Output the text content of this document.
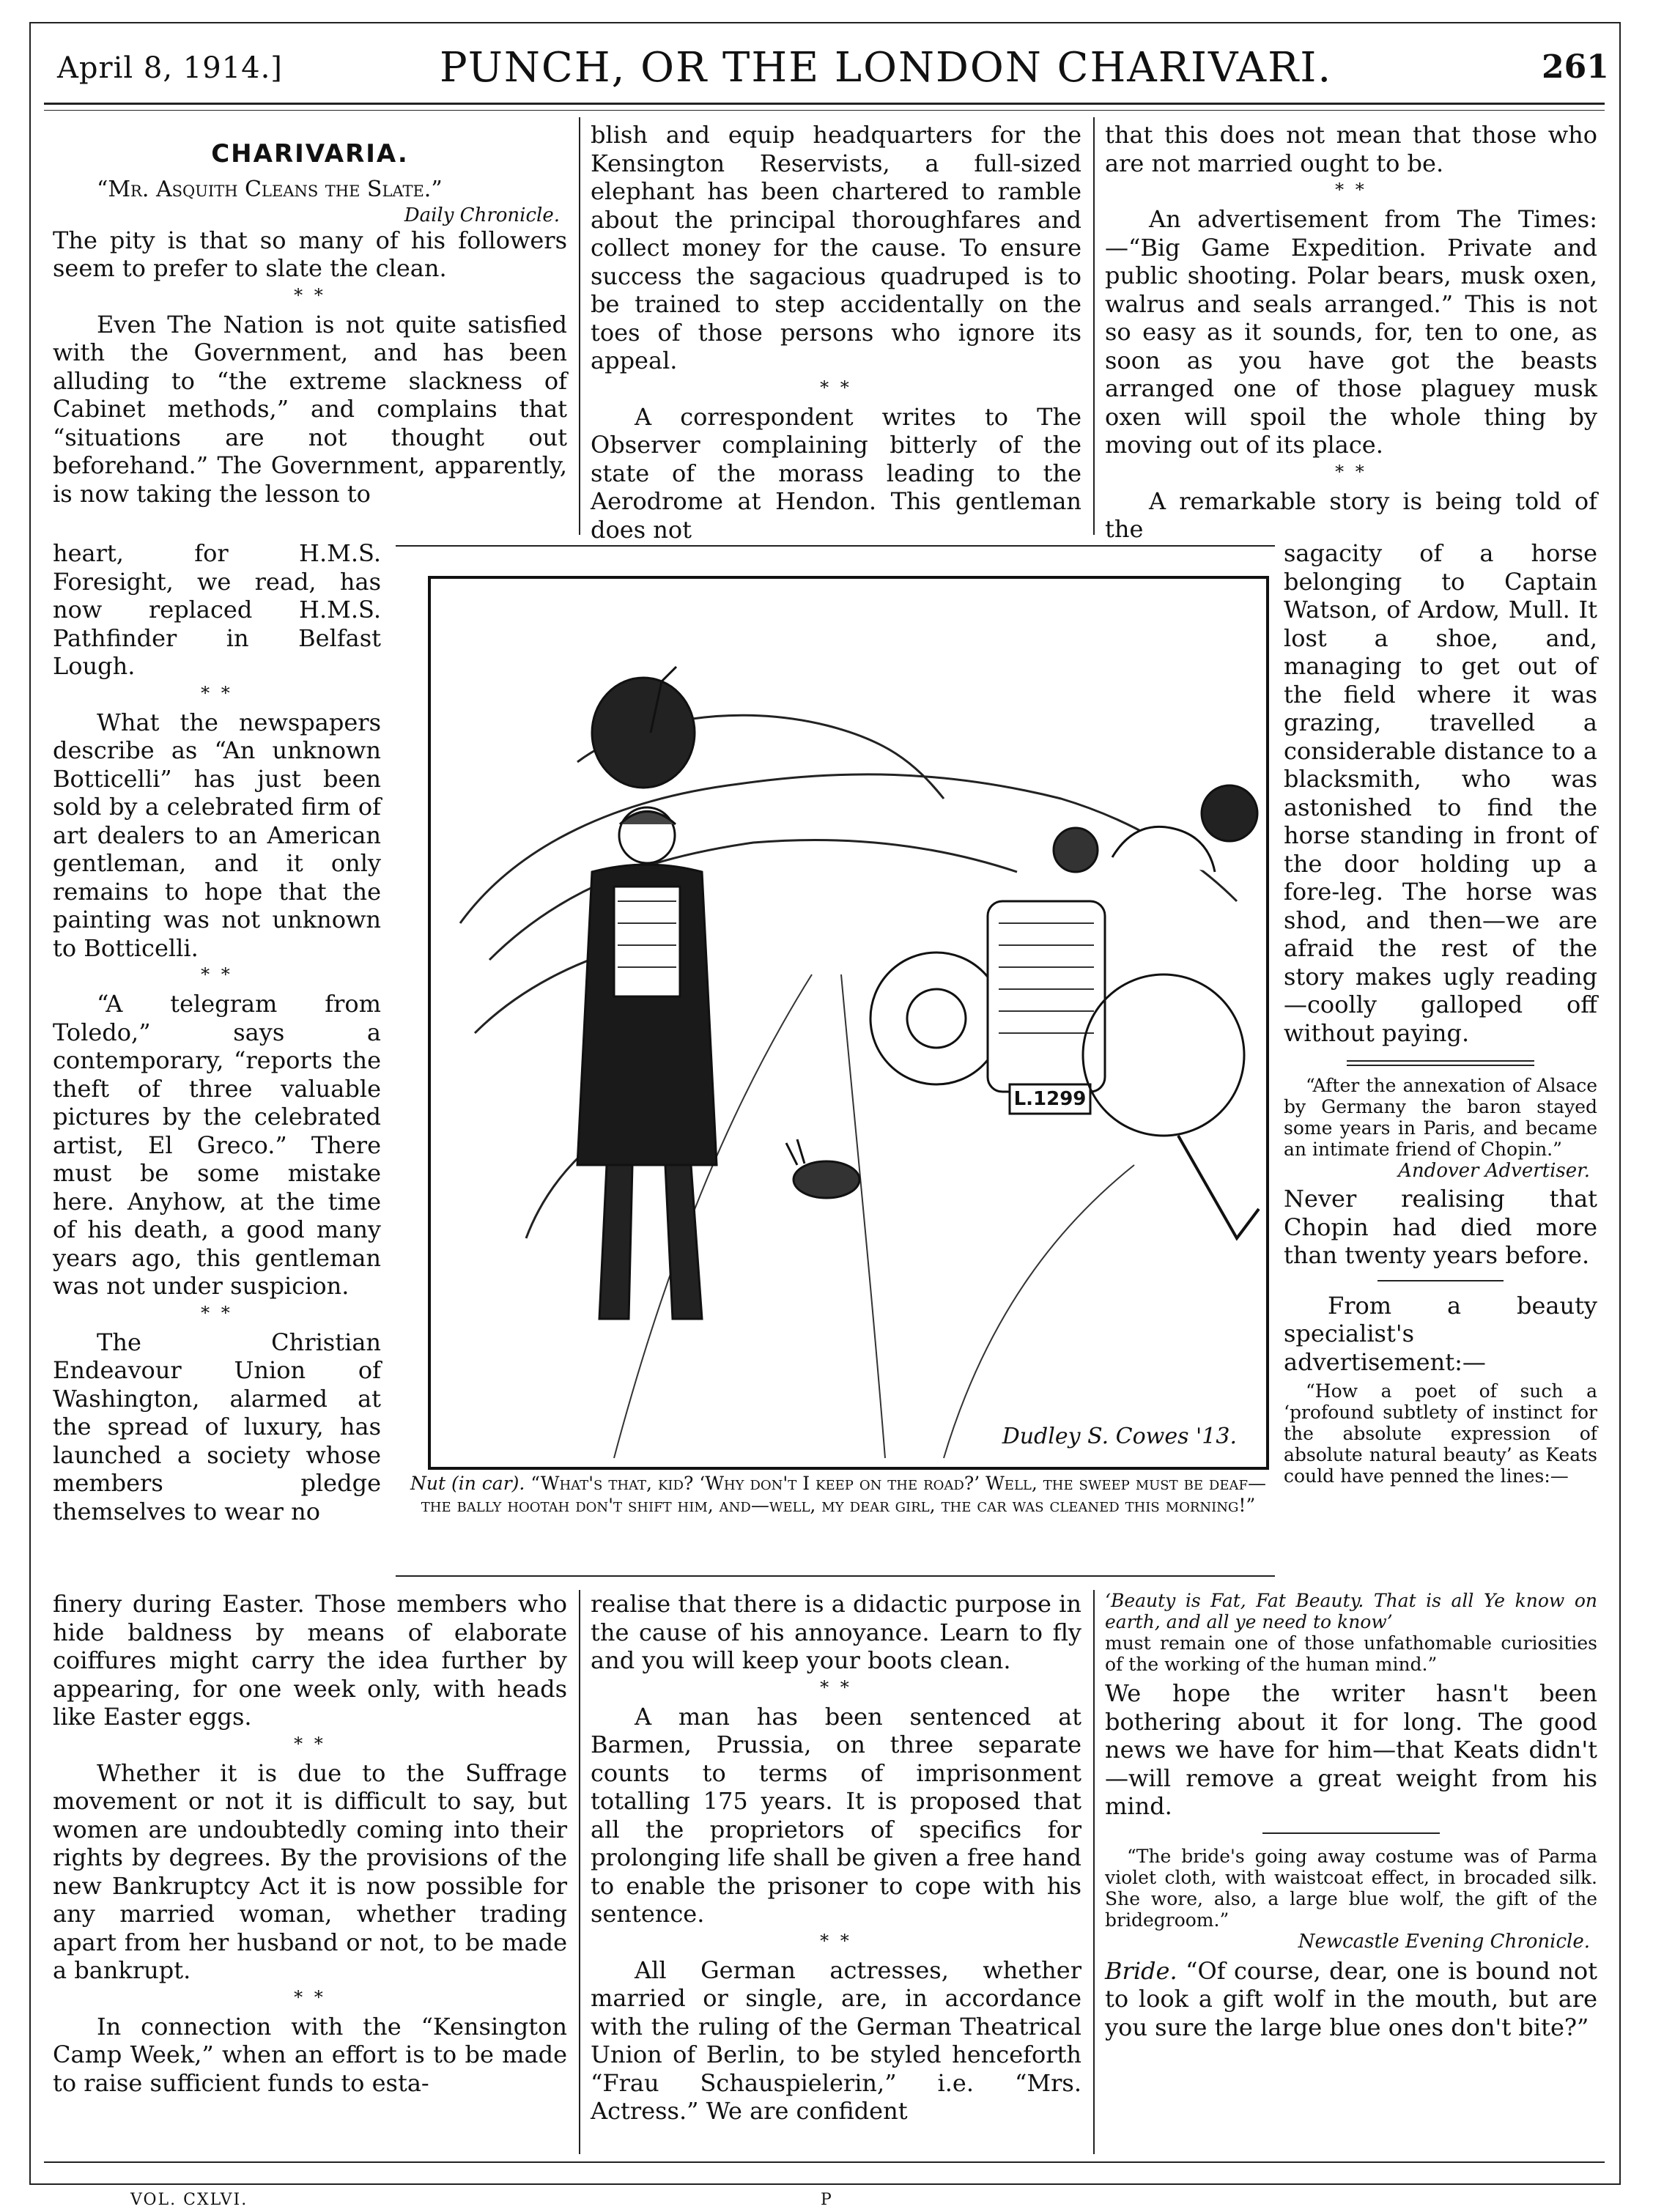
April 8, 1914.]	PUNCH, OR THE LONDON CHARIVARI.	261
CHARIVARIA.

“Mr. Asquith Cleans the Slate.”

Daily Chronicle.

The pity is that so many of his followers seem to prefer to slate the clean.

* *

Even The Nation is not quite satisfied with the Government, and has been alluding to “the extreme slackness of Cabinet methods,” and complains that “situations are not thought out beforehand.” The Government, apparently, is now taking the lesson to

heart, for H.M.S. Foresight, we read, has now replaced H.M.S. Pathfinder in Belfast Lough.

* *

What the newspapers describe as “An unknown Botticelli” has just been sold by a celebrated firm of art dealers to an American gentleman, and it only remains to hope that the painting was not unknown to Botticelli.

* *

“A telegram from Toledo,” says a contemporary, “reports the theft of three valuable pictures by the celebrated artist, El Greco.” There must be some mistake here. Anyhow, at the time of his death, a good many years ago, this gentleman was not under suspicion.

* *

The Christian Endeavour Union of Washington, alarmed at the spread of luxury, has launched a society whose members pledge themselves to wear no

finery during Easter. Those members who hide baldness by means of elaborate coiffures might carry the idea further by appearing, for one week only, with heads like Easter eggs.

* *

Whether it is due to the Suffrage movement or not it is difficult to say, but women are undoubtedly coming into their rights by degrees. By the provisions of the new Bankruptcy Act it is now possible for any married woman, whether trading apart from her husband or not, to be made a bankrupt.

* *

In connection with the “Kensington Camp Week,” when an effort is to be made to raise sufficient funds to esta-

blish and equip headquarters for the Kensington Reservists, a full-sized elephant has been chartered to ramble about the principal thoroughfares and collect money for the cause. To ensure success the sagacious quadruped is to be trained to step accidentally on the toes of those persons who ignore its appeal.

* *

A correspondent writes to The Observer complaining bitterly of the state of the morass leading to the Aerodrome at Hendon. This gentleman does not

realise that there is a didactic purpose in the cause of his annoyance. Learn to fly and you will keep your boots clean.

* *

A man has been sentenced at Barmen, Prussia, on three separate counts to terms of imprisonment totalling 175 years. It is proposed that all the proprietors of specifics for prolonging life shall be given a free hand to enable the prisoner to cope with his sentence.

* *

All German actresses, whether married or single, are, in accordance with the ruling of the German Theatrical Union of Berlin, to be styled henceforth “Frau Schauspielerin,” i.e. “Mrs. Actress.” We are confident

that this does not mean that those who are not married ought to be.

* *

An advertisement from The Times:—“Big Game Expedition. Private and public shooting. Polar bears, musk oxen, walrus and seals arranged.” This is not so easy as it sounds, for, ten to one, as soon as you have got the beasts arranged one of those plaguey musk oxen will spoil the whole thing by moving out of its place.

* *

A remarkable story is being told of the

sagacity of a horse belonging to Captain Watson, of Ardow, Mull. It lost a shoe, and, managing to get out of the field where it was grazing, travelled a considerable distance to a blacksmith, who was astonished to find the horse standing in front of the door holding up a fore-leg. The horse was shod, and then—we are afraid the rest of the story makes ugly reading—coolly galloped off without paying.

“After the annexation of Alsace by Germany the baron stayed some years in Paris, and became an intimate friend of Chopin.”

Andover Advertiser.

Never realising that Chopin had died more than twenty years before.

From a beauty specialist's advertisement:—

“How a poet of such a ‘profound subtlety of instinct for the absolute expression of absolute natural beauty’ as Keats could have penned the lines:—

‘Beauty is Fat, Fat Beauty. That is all Ye know on earth, and all ye need to know’

must remain one of those unfathomable curiosities of the working of the human mind.”

We hope the writer hasn't been bothering about it for long. The good news we have for him—that Keats didn't—will remove a great weight from his mind.

“The bride's going away costume was of Parma violet cloth, with waistcoat effect, in brocaded silk. She wore, also, a large blue wolf, the gift of the bridegroom.”

Newcastle Evening Chronicle.

Bride. “Of course, dear, one is bound not to look a gift wolf in the mouth, but are you sure the large blue ones don't bite?”

L.1299
Dudley S. Cowes '13.
Nut (in car). “What's that, kid? ‘Why don't I keep on the road?’ Well, the sweep must be deaf—the bally hootah don't shift him, and—well, my dear girl, the car was cleaned this morning!”
VOL. CXLVI.	P
